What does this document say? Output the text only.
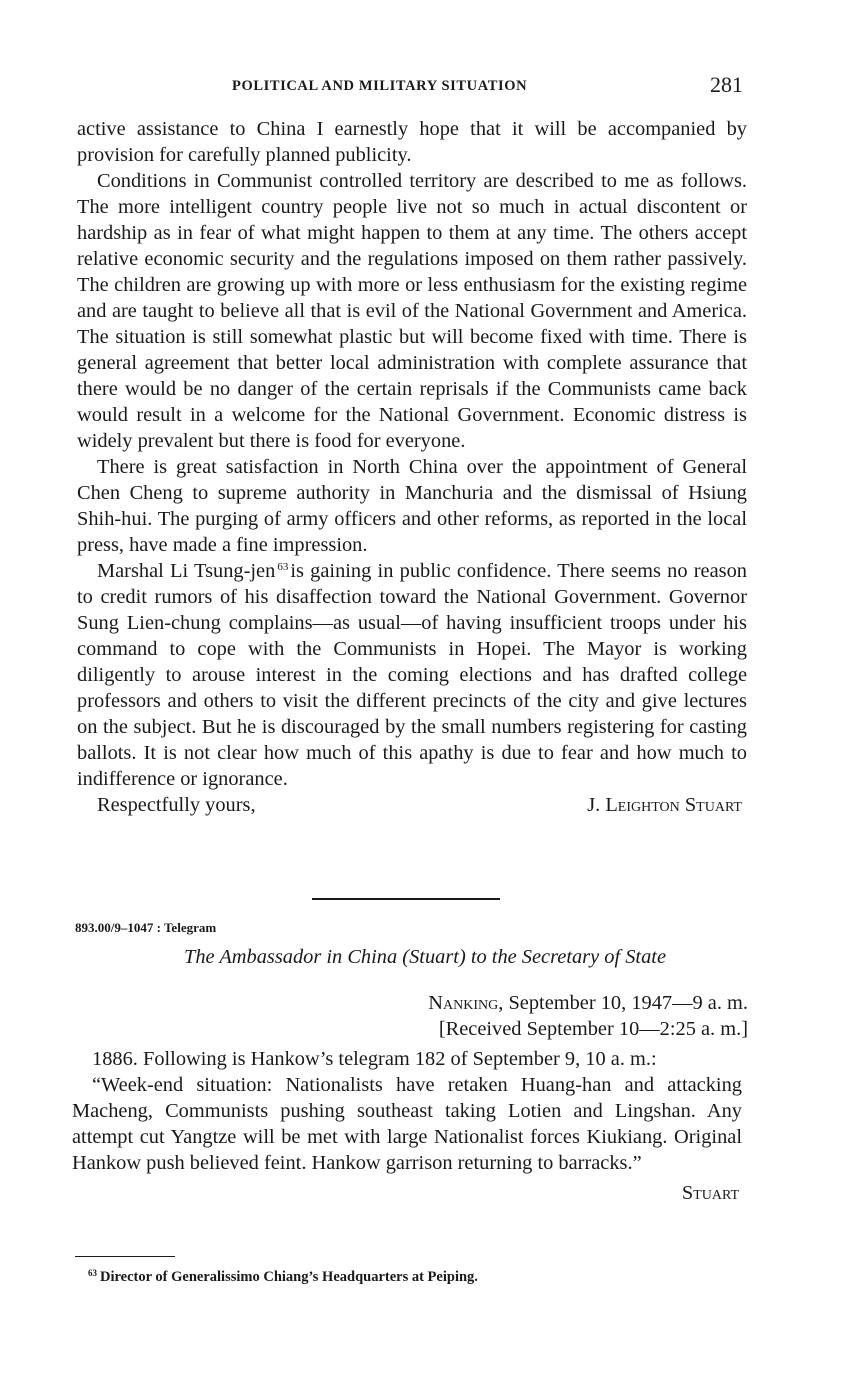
POLITICAL AND MILITARY SITUATION	281

active assistance to China I earnestly hope that it will be accompanied by provision for carefully planned publicity.

Conditions in Communist controlled territory are described to me as follows. The more intelligent country people live not so much in actual discontent or hardship as in fear of what might happen to them at any time. The others accept relative economic security and the regulations imposed on them rather passively. The children are growing up with more or less enthusiasm for the existing regime and are taught to believe all that is evil of the National Government and America. The situation is still somewhat plastic but will become fixed with time. There is general agreement that better local administration with complete assurance that there would be no danger of the certain reprisals if the Communists came back would result in a welcome for the National Government. Economic distress is widely prevalent but there is food for everyone.

There is great satisfaction in North China over the appointment of General Chen Cheng to supreme authority in Manchuria and the dismissal of Hsiung Shih-hui. The purging of army officers and other reforms, as reported in the local press, have made a fine impression.

Marshal Li Tsung-jen $^{63}$is gaining in public confidence. There seems no reason to credit rumors of his disaffection toward the National Government. Governor Sung Lien-chung complains—as usual—of having insufficient troops under his command to cope with the Communists in Hopei. The Mayor is working diligently to arouse interest in the coming elections and has drafted college professors and others to visit the different precincts of the city and give lectures on the subject. But he is discouraged by the small numbers registering for casting ballots. It is not clear how much of this apathy is due to fear and how much to indifference or ignorance.

Respectfully yours,	J. Leighton Stuart
893.00/9–1047 : Telegram
The Ambassador in China (Stuart) to the Secretary of State
Nanking, September 10, 1947—9 a. m.
[Received September 10—2:25 a. m.]

1886. Following is Hankow’s telegram 182 of September 9, 10 a. m.:

“Week-end situation: Nationalists have retaken Huang-han and attacking Macheng, Communists pushing southeast taking Lotien and Lingshan. Any attempt cut Yangtze will be met with large Nationalist forces Kiukiang. Original Hankow push believed feint. Hankow garrison returning to barracks.”

Stuart
$^{63}$ Director of Generalissimo Chiang’s Headquarters at Peiping.
